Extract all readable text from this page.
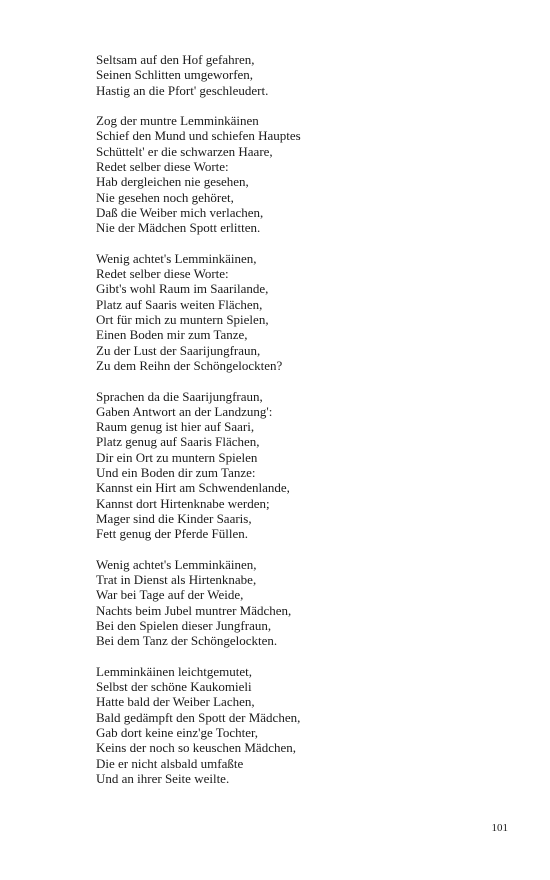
Seltsam auf den Hof gefahren,
Seinen Schlitten umgeworfen,
Hastig an die Pfort' geschleudert.
Zog der muntre Lemminkäinen
Schief den Mund und schiefen Hauptes
Schüttelt' er die schwarzen Haare,
Redet selber diese Worte:
Hab dergleichen nie gesehen,
Nie gesehen noch gehöret,
Daß die Weiber mich verlachen,
Nie der Mädchen Spott erlitten.
Wenig achtet's Lemminkäinen,
Redet selber diese Worte:
Gibt's wohl Raum im Saarilande,
Platz auf Saaris weiten Flächen,
Ort für mich zu muntern Spielen,
Einen Boden mir zum Tanze,
Zu der Lust der Saarijungfraun,
Zu dem Reihn der Schöngelockten?
Sprachen da die Saarijungfraun,
Gaben Antwort an der Landzung':
Raum genug ist hier auf Saari,
Platz genug auf Saaris Flächen,
Dir ein Ort zu muntern Spielen
Und ein Boden dir zum Tanze:
Kannst ein Hirt am Schwendenlande,
Kannst dort Hirtenknabe werden;
Mager sind die Kinder Saaris,
Fett genug der Pferde Füllen.
Wenig achtet's Lemminkäinen,
Trat in Dienst als Hirtenknabe,
War bei Tage auf der Weide,
Nachts beim Jubel muntrer Mädchen,
Bei den Spielen dieser Jungfraun,
Bei dem Tanz der Schöngelockten.
Lemminkäinen leichtgemutet,
Selbst der schöne Kaukomieli
Hatte bald der Weiber Lachen,
Bald gedämpft den Spott der Mädchen,
Gab dort keine einz'ge Tochter,
Keins der noch so keuschen Mädchen,
Die er nicht alsbald umfaßte
Und an ihrer Seite weilte.
101
